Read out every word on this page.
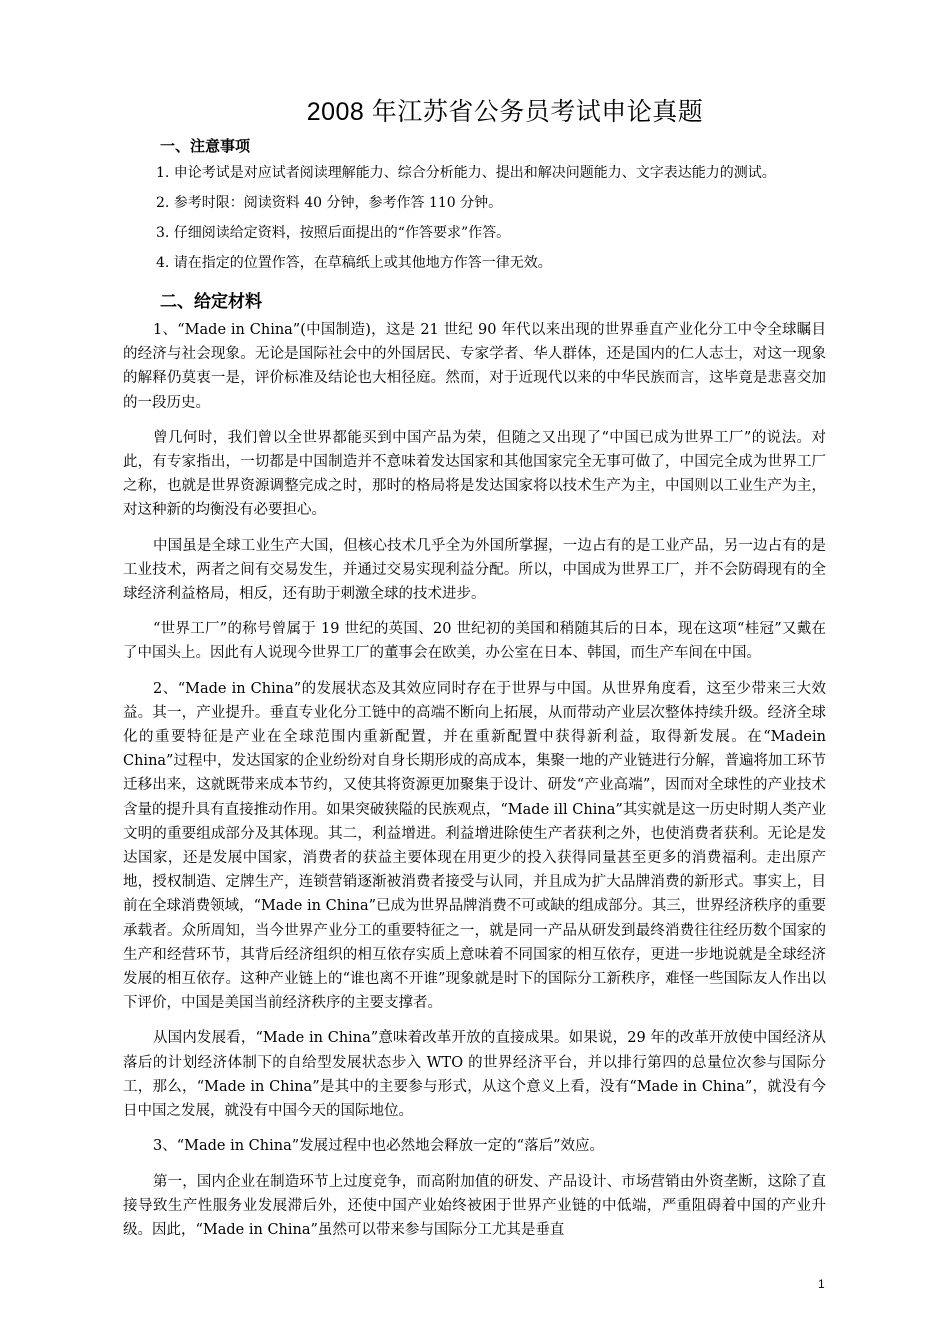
2008 年江苏省公务员考试申论真题
一、注意事项

1. 申论考试是对应试者阅读理解能力、综合分析能力、提出和解决问题能力、文字表达能力的测试。

2. 参考时限：阅读资料 40 分钟，参考作答 110 分钟。

3. 仔细阅读给定资料，按照后面提出的“作答要求”作答。

4. 请在指定的位置作答，在草稿纸上或其他地方作答一律无效。

二、给定材料

1、“Made in China”(中国制造)，这是 21 世纪 90 年代以来出现的世界垂直产业化分工中令全球瞩目的经济与社会现象。无论是国际社会中的外国居民、专家学者、华人群体，还是国内的仁人志士，对这一现象的解释仍莫衷一是，评价标准及结论也大相径庭。然而，对于近现代以来的中华民族而言，这毕竟是悲喜交加的一段历史。

曾几何时，我们曾以全世界都能买到中国产品为荣，但随之又出现了“中国已成为世界工厂”的说法。对此，有专家指出，一切都是中国制造并不意味着发达国家和其他国家完全无事可做了，中国完全成为世界工厂之称，也就是世界资源调整完成之时，那时的格局将是发达国家将以技术生产为主，中国则以工业生产为主，对这种新的均衡没有必要担心。

中国虽是全球工业生产大国，但核心技术几乎全为外国所掌握，一边占有的是工业产品，另一边占有的是工业技术，两者之间有交易发生，并通过交易实现利益分配。所以，中国成为世界工厂，并不会防碍现有的全球经济利益格局，相反，还有助于刺激全球的技术进步。

“世界工厂”的称号曾属于 19 世纪的英国、20 世纪初的美国和稍随其后的日本，现在这项“桂冠”又戴在了中国头上。因此有人说现今世界工厂的董事会在欧美，办公室在日本、韩国，而生产车间在中国。

2、“Made in China”的发展状态及其效应同时存在于世界与中国。从世界角度看，这至少带来三大效益。其一，产业提升。垂直专业化分工链中的高端不断向上拓展，从而带动产业层次整体持续升级。经济全球化的重要特征是产业在全球范围内重新配置，并在重新配置中获得新利益，取得新发展。在“Madein China”过程中，发达国家的企业纷纷对自身长期形成的高成本，集聚一地的产业链进行分解，普遍将加工环节迁移出来，这就既带来成本节约，又使其将资源更加聚集于设计、研发“产业高端”，因而对全球性的产业技术含量的提升具有直接推动作用。如果突破狭隘的民族观点，“Made ill China”其实就是这一历史时期人类产业文明的重要组成部分及其体现。其二，利益增进。利益增进除使生产者获利之外，也使消费者获利。无论是发达国家，还是发展中国家，消费者的获益主要体现在用更少的投入获得同量甚至更多的消费福利。走出原产地，授权制造、定牌生产，连锁营销逐渐被消费者接受与认同，并且成为扩大品牌消费的新形式。事实上，目前在全球消费领域，“Made in China”已成为世界品牌消费不可或缺的组成部分。其三，世界经济秩序的重要承载者。众所周知，当今世界产业分工的重要特征之一，就是同一产品从研发到最终消费往往经历数个国家的生产和经营环节，其背后经济组织的相互依存实质上意味着不同国家的相互依存，更进一步地说就是全球经济发展的相互依存。这种产业链上的“谁也离不开谁”现象就是时下的国际分工新秩序，难怪一些国际友人作出以下评价，中国是美国当前经济秩序的主要支撑者。

从国内发展看，“Made in China”意味着改革开放的直接成果。如果说，29 年的改革开放使中国经济从落后的计划经济体制下的自给型发展状态步入 WTO 的世界经济平台，并以排行第四的总量位次参与国际分工，那么，“Made in China”是其中的主要参与形式，从这个意义上看，没有“Made in China”，就没有今日中国之发展，就没有中国今天的国际地位。

3、“Made in China”发展过程中也必然地会释放一定的“落后”效应。

第一，国内企业在制造环节上过度竞争，而高附加值的研发、产品设计、市场营销由外资垄断，这除了直接导致生产性服务业发展滞后外，还使中国产业始终被困于世界产业链的中低端，严重阻碍着中国的产业升级。因此，“Made in China”虽然可以带来参与国际分工尤其是垂直

1
